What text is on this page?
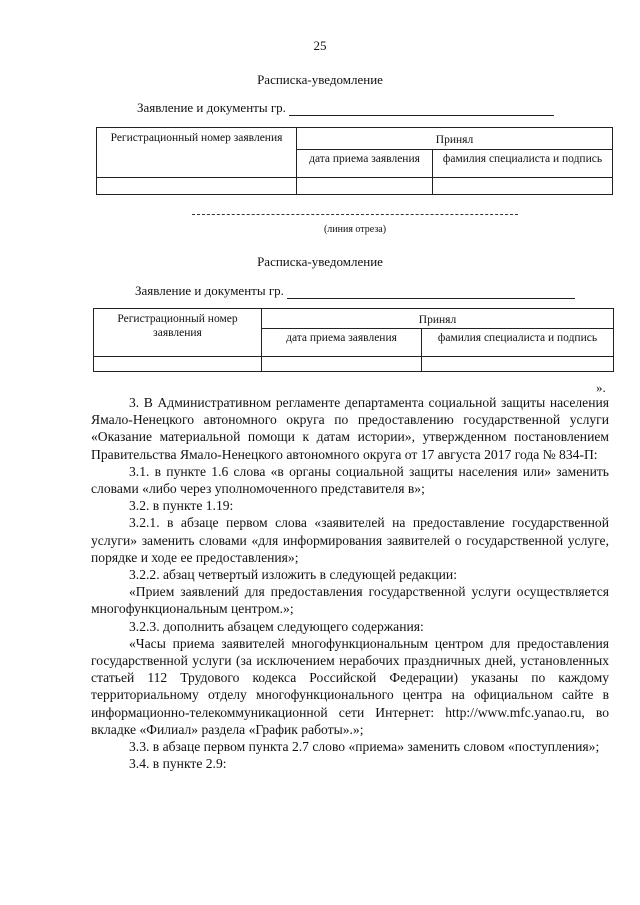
25
Расписка-уведомление
Заявление и документы гр.
Регистрационный номер заявления	Принял	
	дата приема заявления	фамилия специалиста и подпись

(линия отреза)
Расписка-уведомление
Заявление и документы гр.
Регистрационный номер заявления	Принял	
	дата приема заявления	фамилия специалиста и подпись

».

3. В Административном регламенте департамента социальной защиты населения Ямало-Ненецкого автономного округа по предоставлению государственной услуги «Оказание материальной помощи к датам истории», утвержденном постановлением Правительства Ямало-Ненецкого автономного округа от 17 августа 2017 года № 834-П:

3.1. в пункте 1.6 слова «в органы социальной защиты населения или» заменить словами «либо через уполномоченного представителя в»;

3.2. в пункте 1.19:

3.2.1. в абзаце первом слова «заявителей на предоставление государственной услуги» заменить словами «для информирования заявителей о государственной услуге, порядке и ходе ее предоставления»;

3.2.2. абзац четвертый изложить в следующей редакции:

«Прием заявлений для предоставления государственной услуги осуществляется многофункциональным центром.»;

3.2.3. дополнить абзацем следующего содержания:

«Часы приема заявителей многофункциональным центром для предоставления государственной услуги (за исключением нерабочих праздничных дней, установленных статьей 112 Трудового кодекса Российской Федерации) указаны по каждому территориальному отделу многофункционального центра на официальном сайте в информационно-телекоммуникационной сети Интернет: http://www.mfc.yanao.ru, во вкладке «Филиал» раздела «График работы».»;

3.3. в абзаце первом пункта 2.7 слово «приема» заменить словом «поступления»;

3.4. в пункте 2.9:
